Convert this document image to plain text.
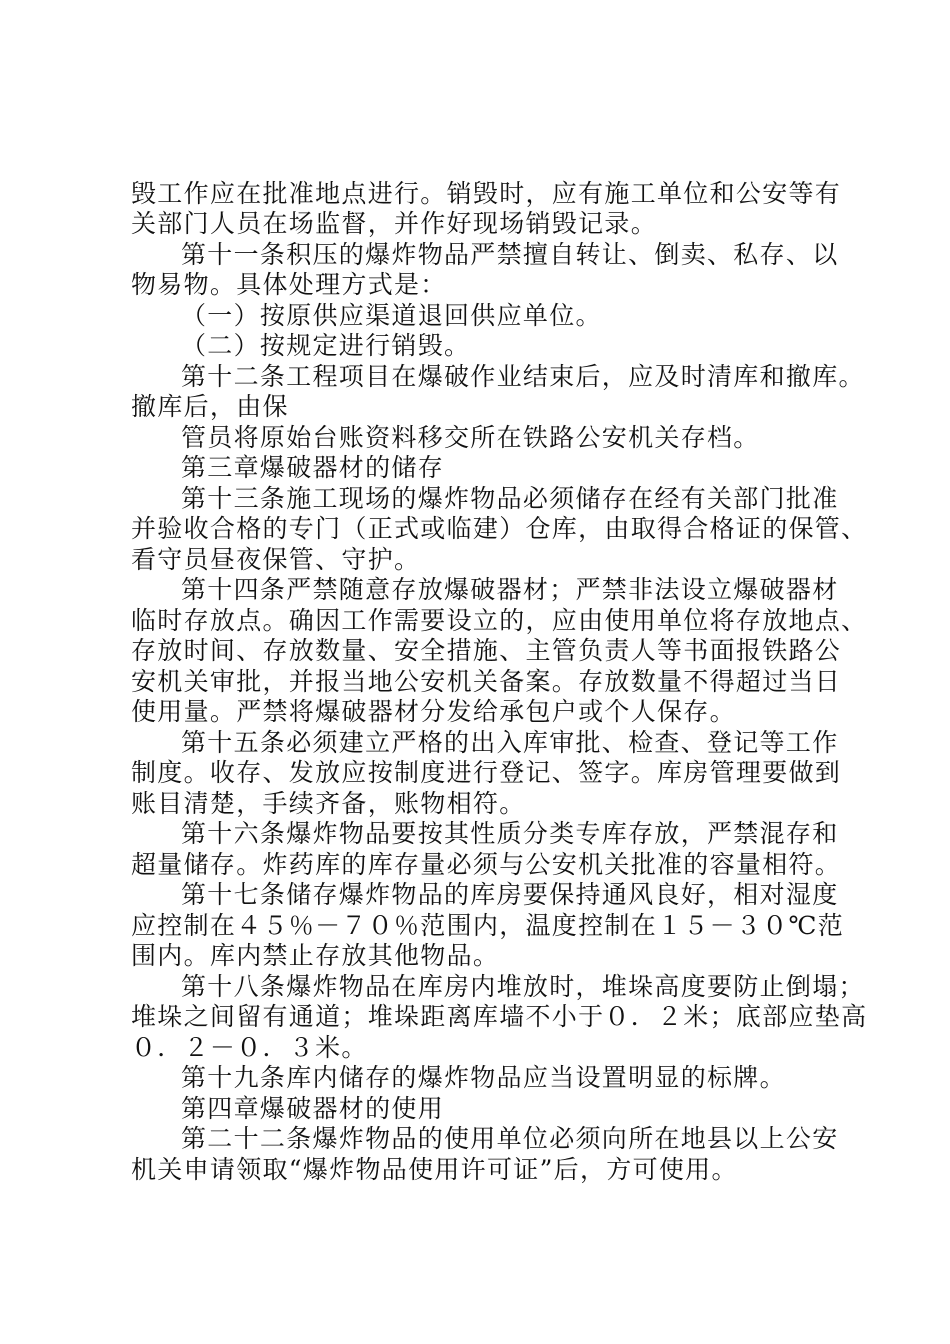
毁工作应在批准地点进行。销毁时，应有施工单位和公安等有
关部门人员在场监督，并作好现场销毁记录。
第十一条积压的爆炸物品严禁擅自转让、倒卖、私存、以
物易物。具体处理方式是：
（一）按原供应渠道退回供应单位。
（二）按规定进行销毁。
第十二条工程项目在爆破作业结束后，应及时清库和撤库。
撤库后，由保
管员将原始台账资料移交所在铁路公安机关存档。
第三章爆破器材的储存
第十三条施工现场的爆炸物品必须储存在经有关部门批准
并验收合格的专门（正式或临建）仓库，由取得合格证的保管、
看守员昼夜保管、守护。
第十四条严禁随意存放爆破器材；严禁非法设立爆破器材
临时存放点。确因工作需要设立的，应由使用单位将存放地点、
存放时间、存放数量、安全措施、主管负责人等书面报铁路公
安机关审批，并报当地公安机关备案。存放数量不得超过当日
使用量。严禁将爆破器材分发给承包户或个人保存。
第十五条必须建立严格的出入库审批、检查、登记等工作
制度。收存、发放应按制度进行登记、签字。库房管理要做到
账目清楚，手续齐备，账物相符。
第十六条爆炸物品要按其性质分类专库存放，严禁混存和
超量储存。炸药库的库存量必须与公安机关批准的容量相符。
第十七条储存爆炸物品的库房要保持通风良好，相对湿度
应控制在４５％－７０％范围内，温度控制在１５－３０℃范
围内。库内禁止存放其他物品。
第十八条爆炸物品在库房内堆放时，堆垛高度要防止倒塌；
堆垛之间留有通道；堆垛距离库墙不小于０．２米；底部应垫高
０．２－０．３米。
第十九条库内储存的爆炸物品应当设置明显的标牌。
第四章爆破器材的使用
第二十二条爆炸物品的使用单位必须向所在地县以上公安
机关申请领取“爆炸物品使用许可证”后，方可使用。
